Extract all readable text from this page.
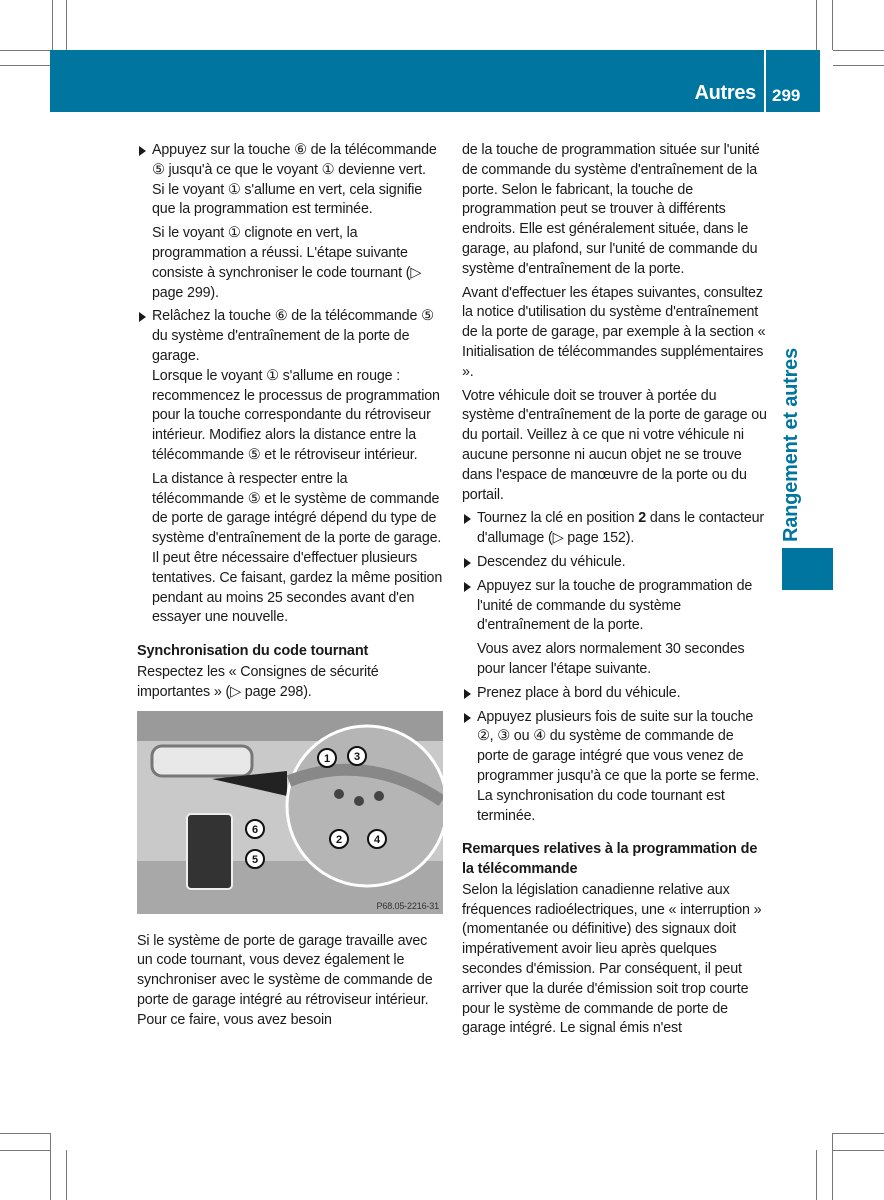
Autres 299
Rangement et autres
Appuyez sur la touche ⑥ de la télécommande ⑤ jusqu'à ce que le voyant ① devienne vert.

Si le voyant ① s'allume en vert, cela signifie que la programmation est terminée.

Si le voyant ① clignote en vert, la programmation a réussi. L'étape suivante consiste à synchroniser le code tournant (▷ page 299).

Relâchez la touche ⑥ de la télécommande ⑤ du système d'entraînement de la porte de garage.

Lorsque le voyant ① s'allume en rouge : recommencez le processus de programmation pour la touche correspondante du rétroviseur intérieur. Modifiez alors la distance entre la télécommande ⑤ et le rétroviseur intérieur.

La distance à respecter entre la télécommande ⑤ et le système de commande de porte de garage intégré dépend du type de système d'entraînement de la porte de garage. Il peut être nécessaire d'effectuer plusieurs tentatives. Ce faisant, gardez la même position pendant au moins 25 secondes avant d'en essayer une nouvelle.

Synchronisation du code tournant

Respectez les « Consignes de sécurité importantes » (▷ page 298).

1 3
2	4
6
5
P68.05-2216-31

Si le système de porte de garage travaille avec un code tournant, vous devez également le synchroniser avec le système de commande de porte de garage intégré au rétroviseur intérieur. Pour ce faire, vous avez besoin

de la touche de programmation située sur l'unité de commande du système d'entraînement de la porte. Selon le fabricant, la touche de programmation peut se trouver à différents endroits. Elle est généralement située, dans le garage, au plafond, sur l'unité de commande du système d'entraînement de la porte.

Avant d'effectuer les étapes suivantes, consultez la notice d'utilisation du système d'entraînement de la porte de garage, par exemple à la section « Initialisation de télécommandes supplémentaires ».

Votre véhicule doit se trouver à portée du système d'entraînement de la porte de garage ou du portail. Veillez à ce que ni votre véhicule ni aucune personne ni aucun objet ne se trouve dans l'espace de manœuvre de la porte ou du portail.

Tournez la clé en position 2 dans le contacteur d'allumage (▷ page 152).
Descendez du véhicule.
Appuyez sur la touche de programmation de l'unité de commande du système d'entraînement de la porte.

Vous avez alors normalement 30 secondes pour lancer l'étape suivante.

Prenez place à bord du véhicule.
Appuyez plusieurs fois de suite sur la touche ②, ③ ou ④ du système de commande de porte de garage intégré que vous venez de programmer jusqu'à ce que la porte se ferme.

La synchronisation du code tournant est terminée.

Remarques relatives à la programmation de la télécommande

Selon la législation canadienne relative aux fréquences radioélectriques, une « interruption » (momentanée ou définitive) des signaux doit impérativement avoir lieu après quelques secondes d'émission. Par conséquent, il peut arriver que la durée d'émission soit trop courte pour le système de commande de porte de garage intégré. Le signal émis n'est
